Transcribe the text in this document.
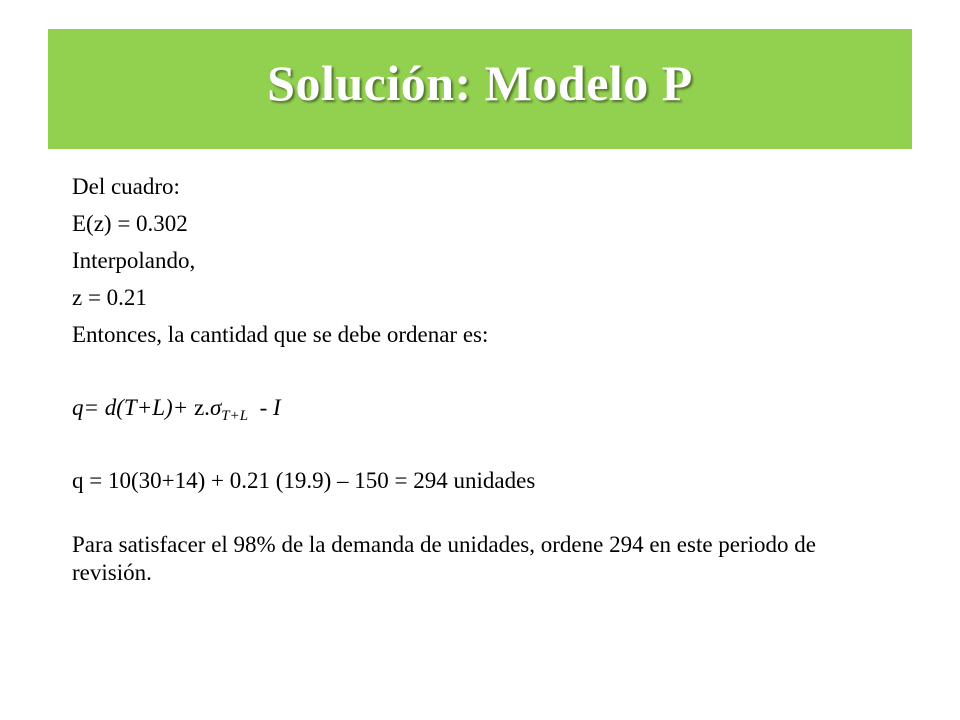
Solución: Modelo P
Del cuadro:
E(z) = 0.302
Interpolando,
z = 0.21
Entonces, la cantidad que se debe ordenar es:
$q= d(T+L)+ z.\sigma_{T+L} - I$
q = 10(30+14) + 0.21 (19.9) – 150 = 294 unidades
Para satisfacer el 98% de la demanda de unidades, ordene 294 en este periodo de revisión.
